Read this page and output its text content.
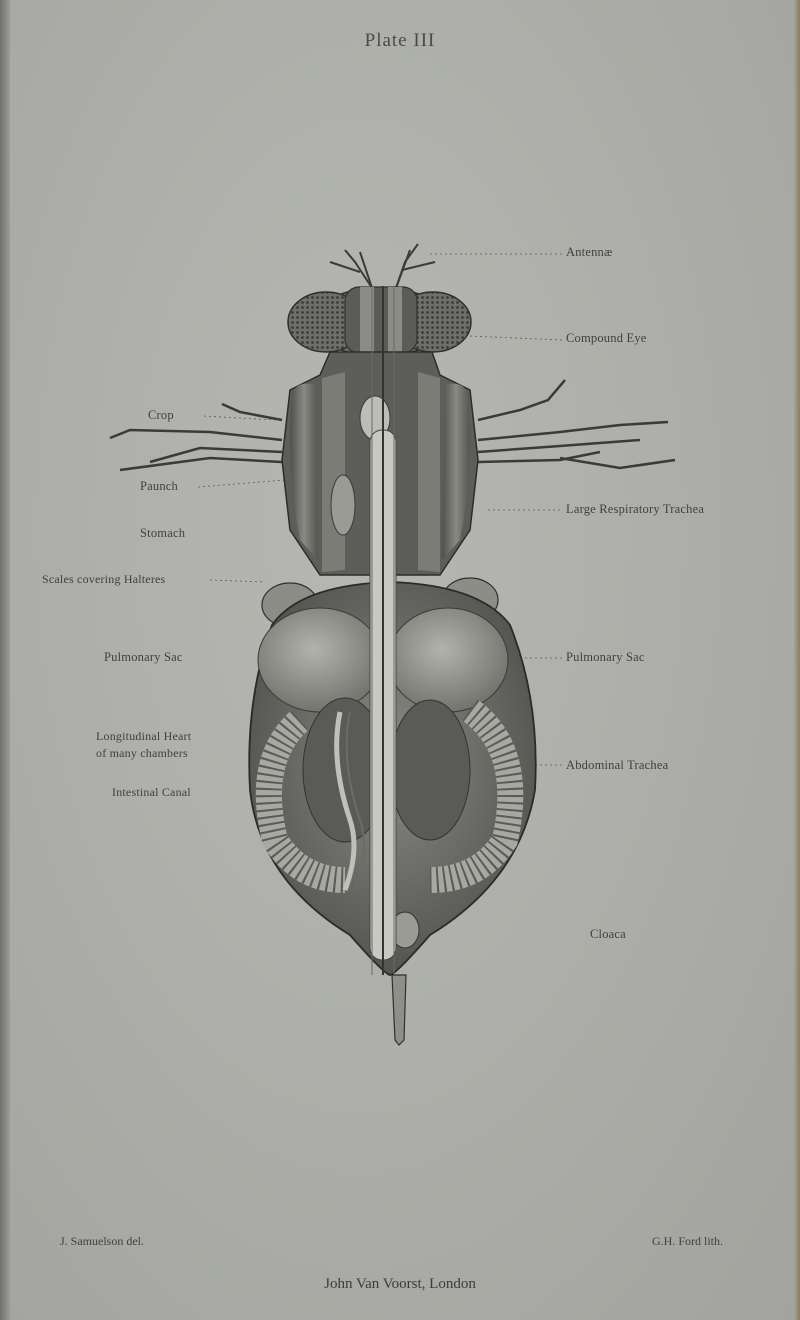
Plate III
Antennæ
Compound Eye
Crop
Paunch
Stomach
Scales covering Halteres
Pulmonary Sac
Large Respiratory Trachea
Pulmonary Sac
Longitudinal Heart
of many chambers
Abdominal Trachea
Intestinal Canal
Cloaca
J. Samuelson del.	G.H. Ford lith.
John Van Voorst, London
